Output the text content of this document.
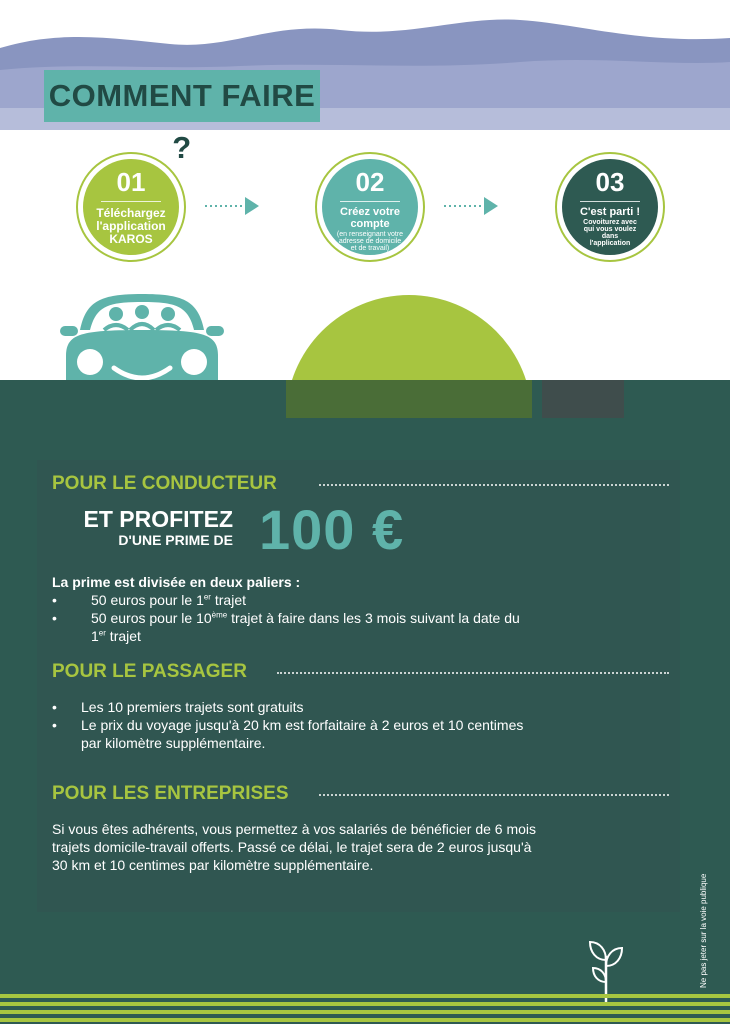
COMMENT FAIRE ?
01
Téléchargez
l'application
KAROS
02
Créez votre
compte
(en renseignant votre
adresse de domicile
et de travail)
03
C'est parti !
Covoiturez avec
qui vous voulez
dans
l'application
POUR LE CONDUCTEUR
ET PROFITEZ
D'UNE PRIME DE 100 €
La prime est divisée en deux paliers :
• 50 euros pour le 1er trajet
• 50 euros pour le 10ème trajet à faire dans les 3 mois suivant la date du
1er trajet
POUR LE PASSAGER
• Les 10 premiers trajets sont gratuits
• Le prix du voyage jusqu'à 20 km est forfaitaire à 2 euros et 10 centimes
par kilomètre supplémentaire.
POUR LES ENTREPRISES
Si vous êtes adhérents, vous permettez à vos salariés de bénéficier de 6 mois
trajets domicile-travail offerts. Passé ce délai, le trajet sera de 2 euros jusqu'à
30 km et 10 centimes par kilomètre supplémentaire.
Ne pas jeter sur la voie publique
